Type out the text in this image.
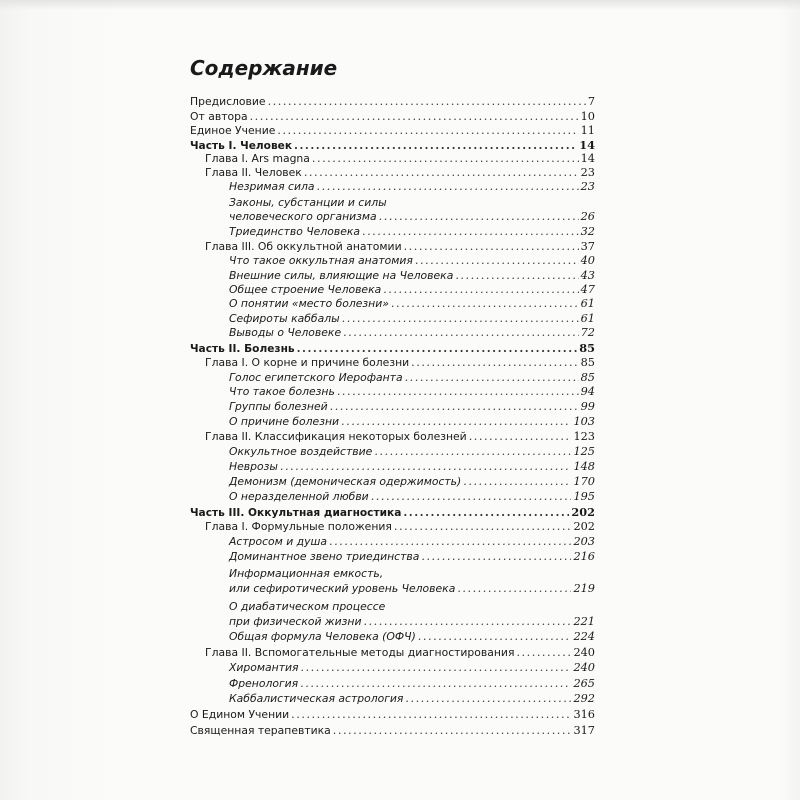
Содержание
Предисловие .....	7
От автора .....	10
Единое Учение .....	11
Часть I. Человек .....	14
Глава I. Ars magna .....	14
Глава II. Человек .....	23
Незримая сила .....	23
Законы, субстанции и силы
человеческого организма .....	26
Триединство Человека .....	32
Глава III. Об оккультной анатомии .....	37
Что такое оккультная анатомия .....	40
Внешние силы, влияющие на Человека .....	43
Общее строение Человека .....	47
О понятии «место болезни» .....	61
Сефироты каббалы .....	61
Выводы о Человеке .....	72
Часть II. Болезнь .....	85
Глава I. О корне и причине болезни .....	85
Голос египетского Иерофанта .....	85
Что такое болезнь .....	94
Группы болезней .....	99
О причине болезни .....	103
Глава II. Классификация некоторых болезней .....	123
Оккультное воздействие .....	125
Неврозы .....	148
Демонизм (демоническая одержимость) .....	170
О неразделенной любви .....	195
Часть III. Оккультная диагностика .....	202
Глава I. Формульные положения .....	202
Астросом и душа .....	203
Доминантное звено триединства .....	216
Информационная емкость,
или сефиротический уровень Человека .....	219
О диабатическом процессе
при физической жизни .....	221
Общая формула Человека (ОФЧ) .....	224
Глава II. Вспомогательные методы диагностирования .....	240
Хиромантия .....	240
Френология .....	265
Каббалистическая астрология .....	292
О Едином Учении .....	316
Священная терапевтика .....	317
